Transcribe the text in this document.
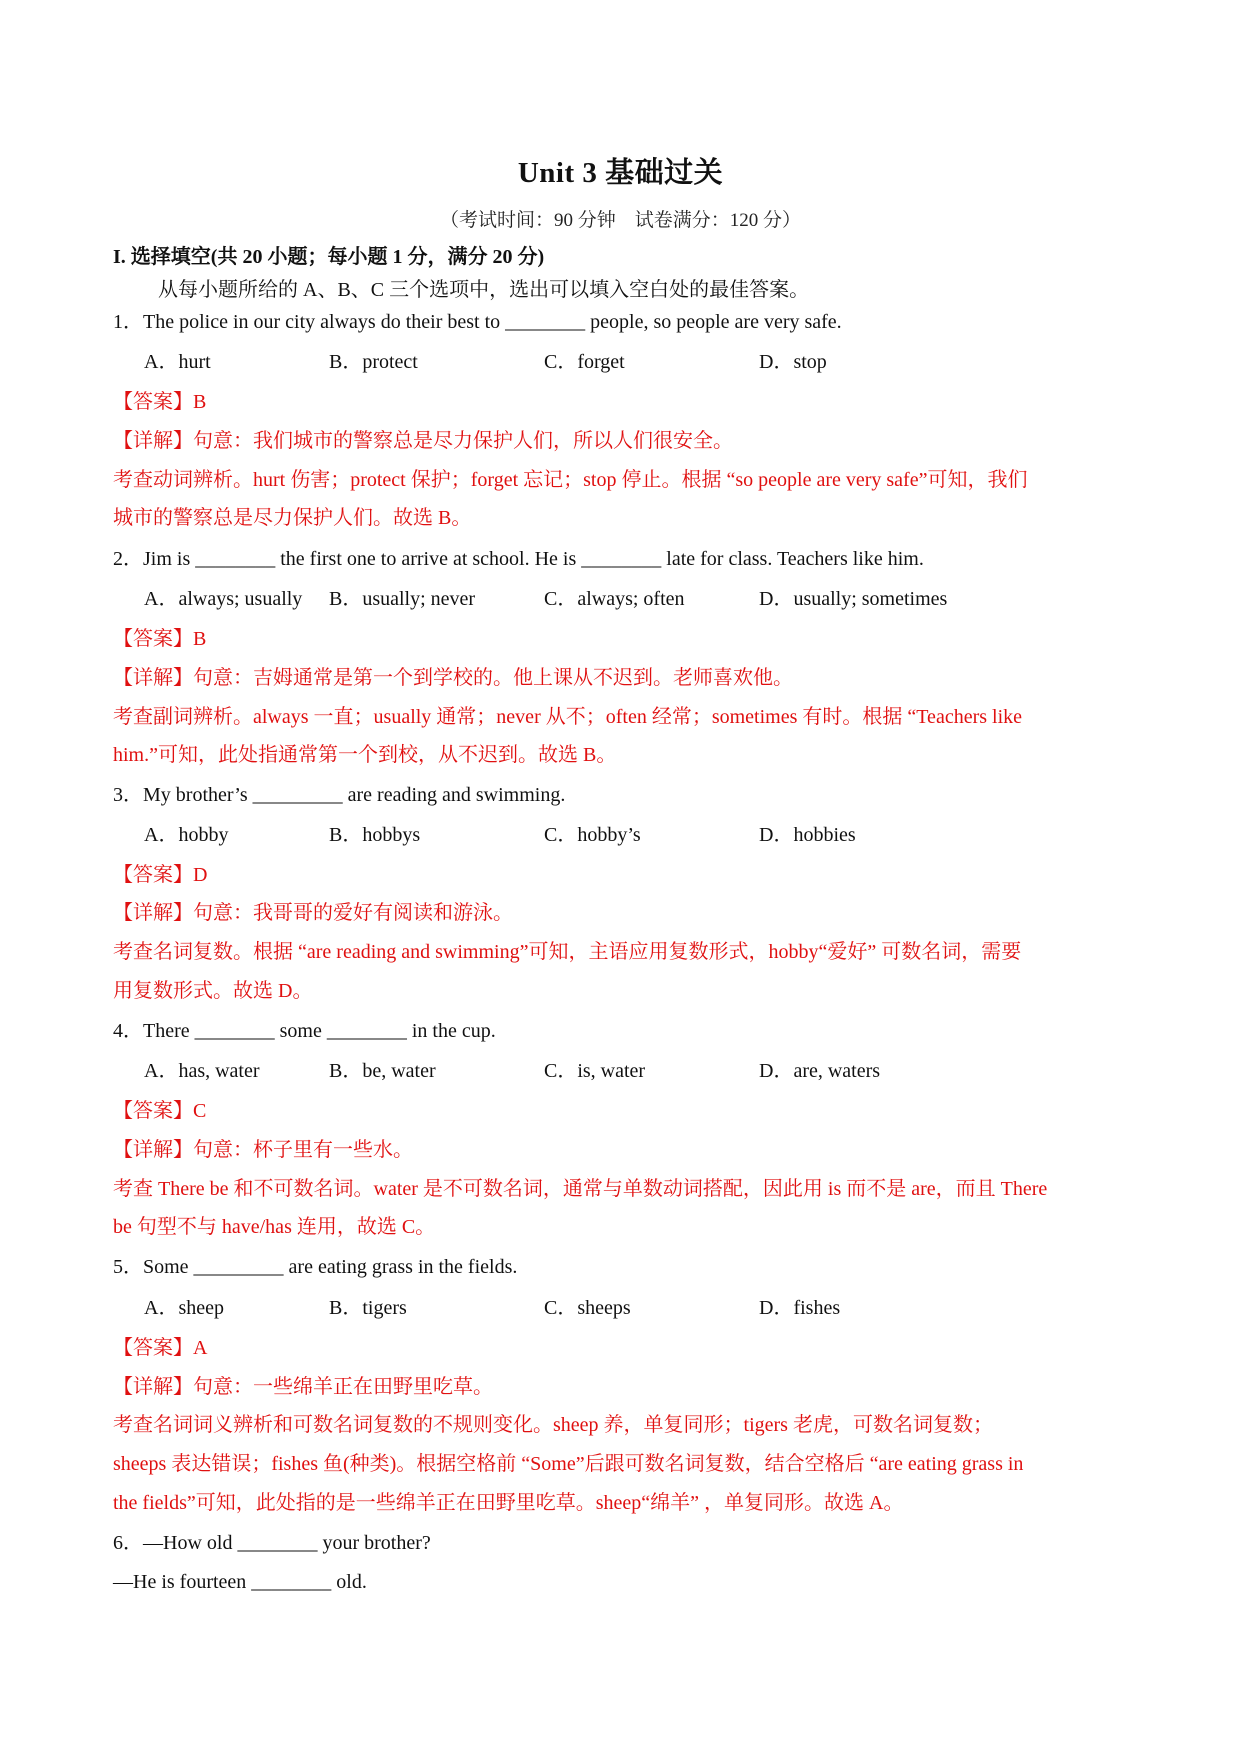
Unit 3 基础过关
（考试时间：90 分钟　试卷满分：120 分）
I. 选择填空(共 20 小题；每小题 1 分，满分 20 分)
从每小题所给的 A、B、C 三个选项中，选出可以填入空白处的最佳答案。
1．The police in our city always do their best to ________ people, so people are very safe.
A．hurt	B．protect	C．forget	D．stop
【答案】B
【详解】句意：我们城市的警察总是尽力保护人们，所以人们很安全。
考查动词辨析。hurt 伤害；protect 保护；forget 忘记；stop 停止。根据 “so people are very safe”可知，我们
城市的警察总是尽力保护人们。故选 B。
2．Jim is ________ the first one to arrive at school. He is ________ late for class. Teachers like him.
A．always; usually B．usually; never	C．always; often	D．usually; sometimes
【答案】B
【详解】句意：吉姆通常是第一个到学校的。他上课从不迟到。老师喜欢他。
考查副词辨析。always 一直；usually 通常；never 从不；often 经常；sometimes 有时。根据 “Teachers like
him.”可知，此处指通常第一个到校，从不迟到。故选 B。
3．My brother’s _________ are reading and swimming.
A．hobby	B．hobbys	C．hobby’s	D．hobbies
【答案】D
【详解】句意：我哥哥的爱好有阅读和游泳。
考查名词复数。根据 “are reading and swimming”可知，主语应用复数形式，hobby“爱好” 可数名词，需要
用复数形式。故选 D。
4．There ________ some ________ in the cup.
A．has, water	B．be, water	C．is, water	D．are, waters
【答案】C
【详解】句意：杯子里有一些水。
考查 There be 和不可数名词。water 是不可数名词，通常与单数动词搭配，因此用 is 而不是 are，而且 There
be 句型不与 have/has 连用，故选 C。
5．Some _________ are eating grass in the fields.
A．sheep	B．tigers	C．sheeps	D．fishes
【答案】A
【详解】句意：一些绵羊正在田野里吃草。
考查名词词义辨析和可数名词复数的不规则变化。sheep 养，单复同形；tigers 老虎，可数名词复数；
sheeps 表达错误；fishes 鱼(种类)。根据空格前 “Some”后跟可数名词复数，结合空格后 “are eating grass in
the fields”可知，此处指的是一些绵羊正在田野里吃草。sheep“绵羊” ，单复同形。故选 A。
6．—How old ________ your brother?
—He is fourteen ________ old.
